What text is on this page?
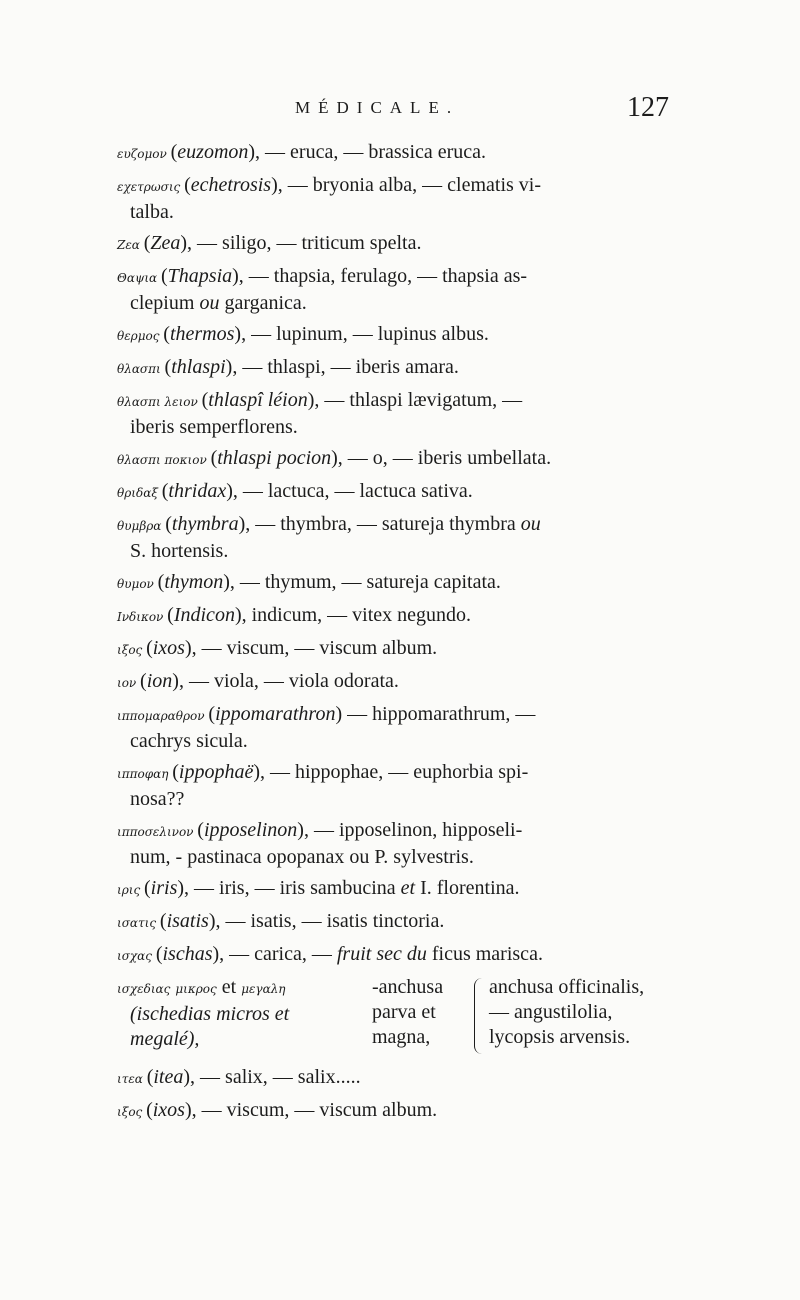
MÉDICALE.	127
ευζομον (euzomon), — eruca, — brassica eruca.
εχετρωσις (echetrosis), — bryonia alba, — clematis vi-
talba.
Ζεα (Zea), — siligo, — triticum spelta.
Θαψια (Thapsia), — thapsia, ferulago, — thapsia as-
clepium ou garganica.
θερμος (thermos), — lupinum, — lupinus albus.
θλασπι (thlaspi), — thlaspi, — iberis amara.
θλασπι λειον (thlaspî léion), — thlaspi lævigatum, —
iberis semperflorens.
θλασπι ποκιον (thlaspi pocion), — o, — iberis umbellata.
θριδαξ (thridax), — lactuca, — lactuca sativa.
θυμβρα (thymbra), — thymbra, — satureja thymbra ou
S. hortensis.
θυμον (thymon), — thymum, — satureja capitata.
Ινδικον (Indicon), indicum, — vitex negundo.
ιξος (ixos), — viscum, — viscum album.
ιον (ion), — viola, — viola odorata.
ιπποµαραθρον (ippomarathron) — hippomarathrum, —
cachrys sicula.
ιπποφαη (ippophaë), — hippophae, — euphorbia spi-
nosa??
ιπποσελινον (ipposelinon), — ipposelinon, hipposeli-
num, - pastinaca opopanax ou P. sylvestris.
ιρις (iris), — iris, — iris sambucina et I. florentina.
ισατις (isatis), — isatis, — isatis tinctoria.
ισχας (ischas), — carica, — fruit sec du ficus marisca.
ισχεδιας μικρος et μεγαλη
(ischedias micros et
megalé),
-anchusa
parva et
magna,
anchusa officinalis,
— angustilolia,
lycopsis arvensis.
ιτεα (itea), — salix, — salix.....
ιξος (ixos), — viscum, — viscum album.
